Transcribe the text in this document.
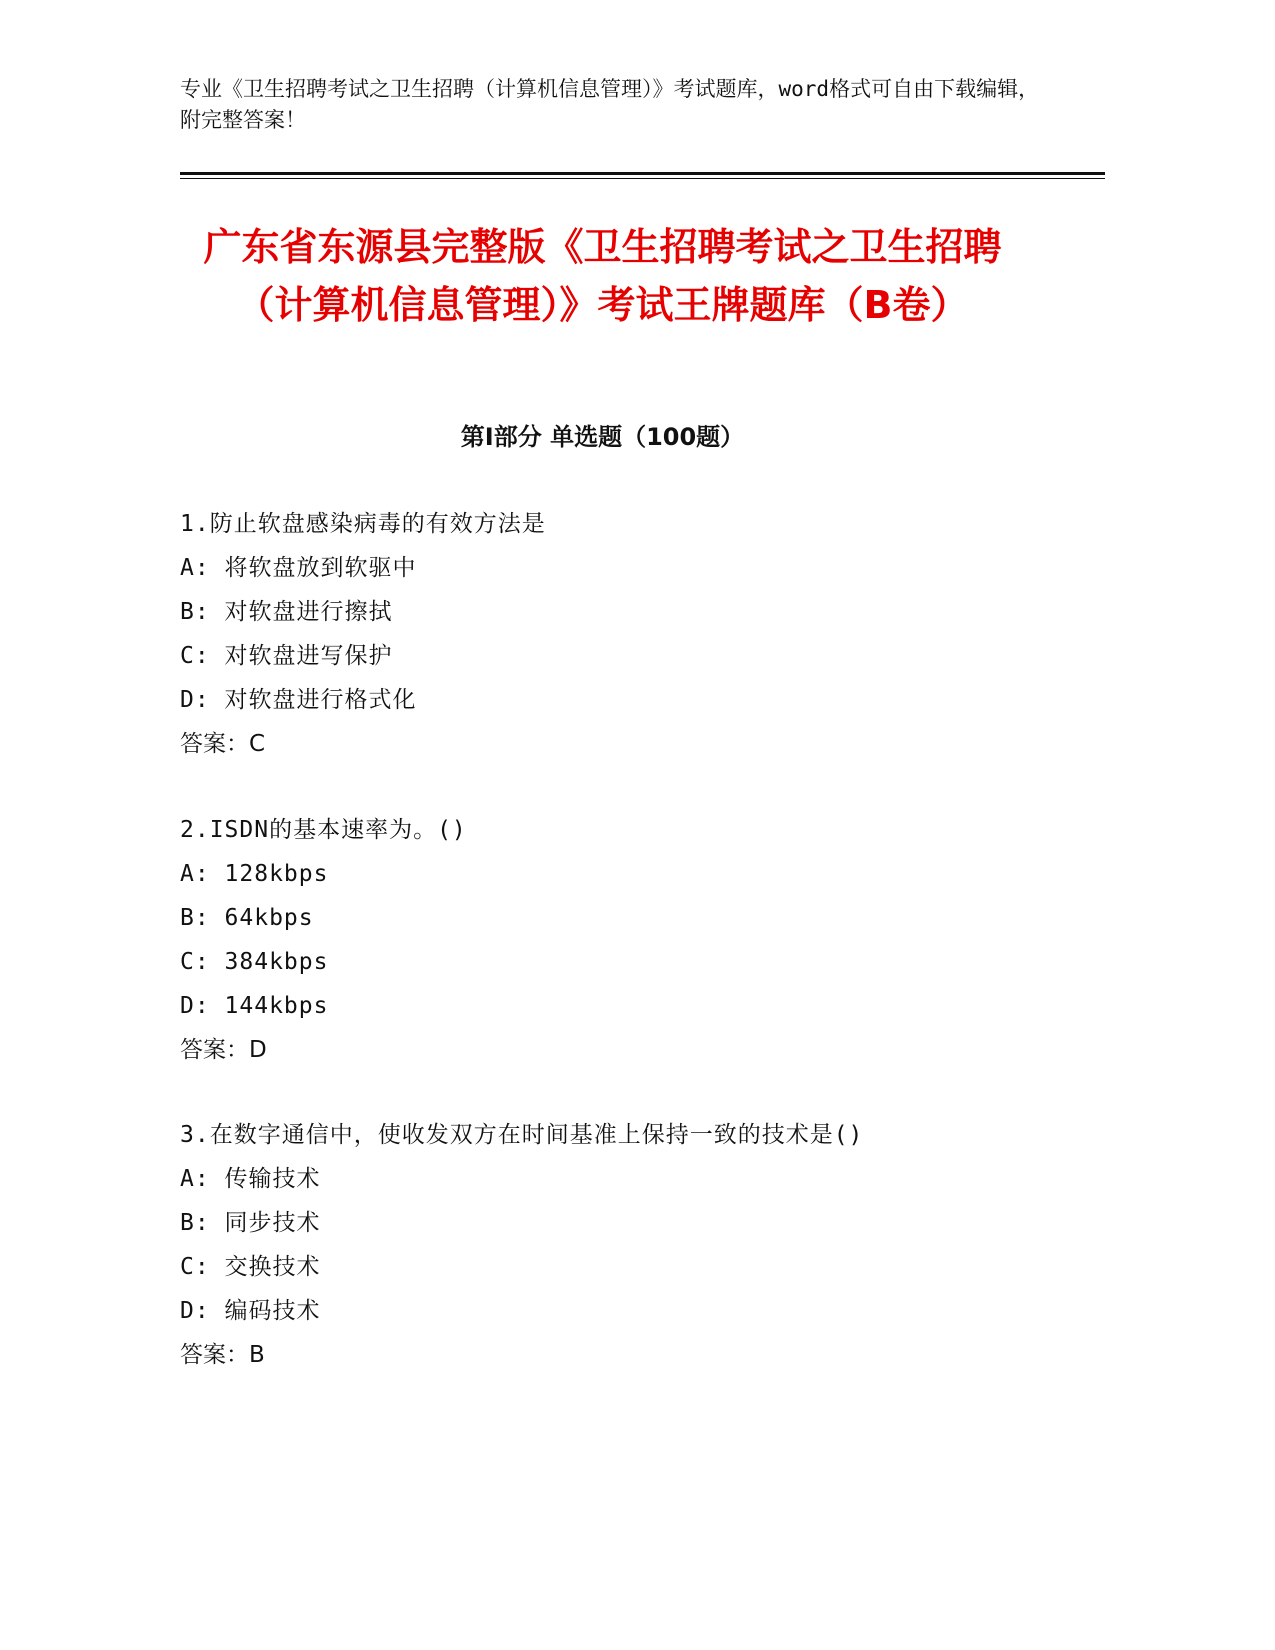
专业《卫生招聘考试之卫生招聘（计算机信息管理）》考试题库，word格式可自由下载编辑，附完整答案！
广东省东源县完整版《卫生招聘考试之卫生招聘（计算机信息管理）》考试王牌题库（B卷）
第I部分 单选题（100题）
1.防止软盘感染病毒的有效方法是
A: 将软盘放到软驱中
B: 对软盘进行擦拭
C: 对软盘进写保护
D: 对软盘进行格式化
答案：C
2.ISDN的基本速率为。()
A: 128kbps
B: 64kbps
C: 384kbps
D: 144kbps
答案：D
3.在数字通信中，使收发双方在时间基准上保持一致的技术是()
A: 传输技术
B: 同步技术
C: 交换技术
D: 编码技术
答案：B
